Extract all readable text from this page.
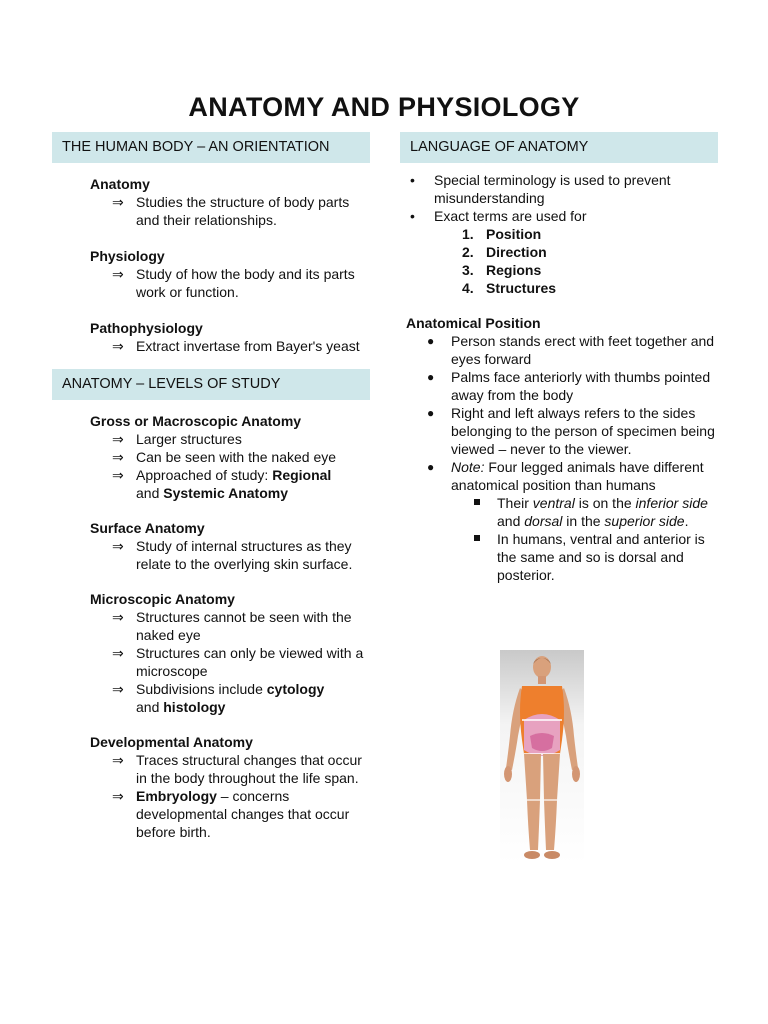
ANATOMY AND PHYSIOLOGY
THE HUMAN BODY – AN ORIENTATION
Anatomy
⇒ Studies the structure of body parts and their relationships.
Physiology
⇒ Study of how the body and its parts work or function.
Pathophysiology
⇒ Extract invertase from Bayer's yeast
ANATOMY – LEVELS OF STUDY
Gross or Macroscopic Anatomy
⇒ Larger structures
⇒ Can be seen with the naked eye
⇒ Approached of study: Regional
and Systemic Anatomy
Surface Anatomy
⇒ Study of internal structures as they relate to the overlying skin surface.
Microscopic Anatomy
⇒ Structures cannot be seen with the naked eye
⇒ Structures can only be viewed with a microscope
⇒ Subdivisions include cytology
and histology
Developmental Anatomy
⇒ Traces structural changes that occur in the body throughout the life span.
⇒ Embryology – concerns developmental changes that occur before birth.
LANGUAGE OF ANATOMY
• Special terminology is used to prevent misunderstanding
• Exact terms are used for
1. Position
2. Direction
3. Regions
4. Structures
Anatomical Position
● Person stands erect with feet together and eyes forward
● Palms face anteriorly with thumbs pointed away from the body
● Right and left always refers to the sides belonging to the person of specimen being viewed – never to the viewer.
● Note: Four legged animals have different anatomical position than humans
Their ventral is on the inferior side and dorsal in the superior side.
In humans, ventral and anterior is the same and so is dorsal and posterior.
